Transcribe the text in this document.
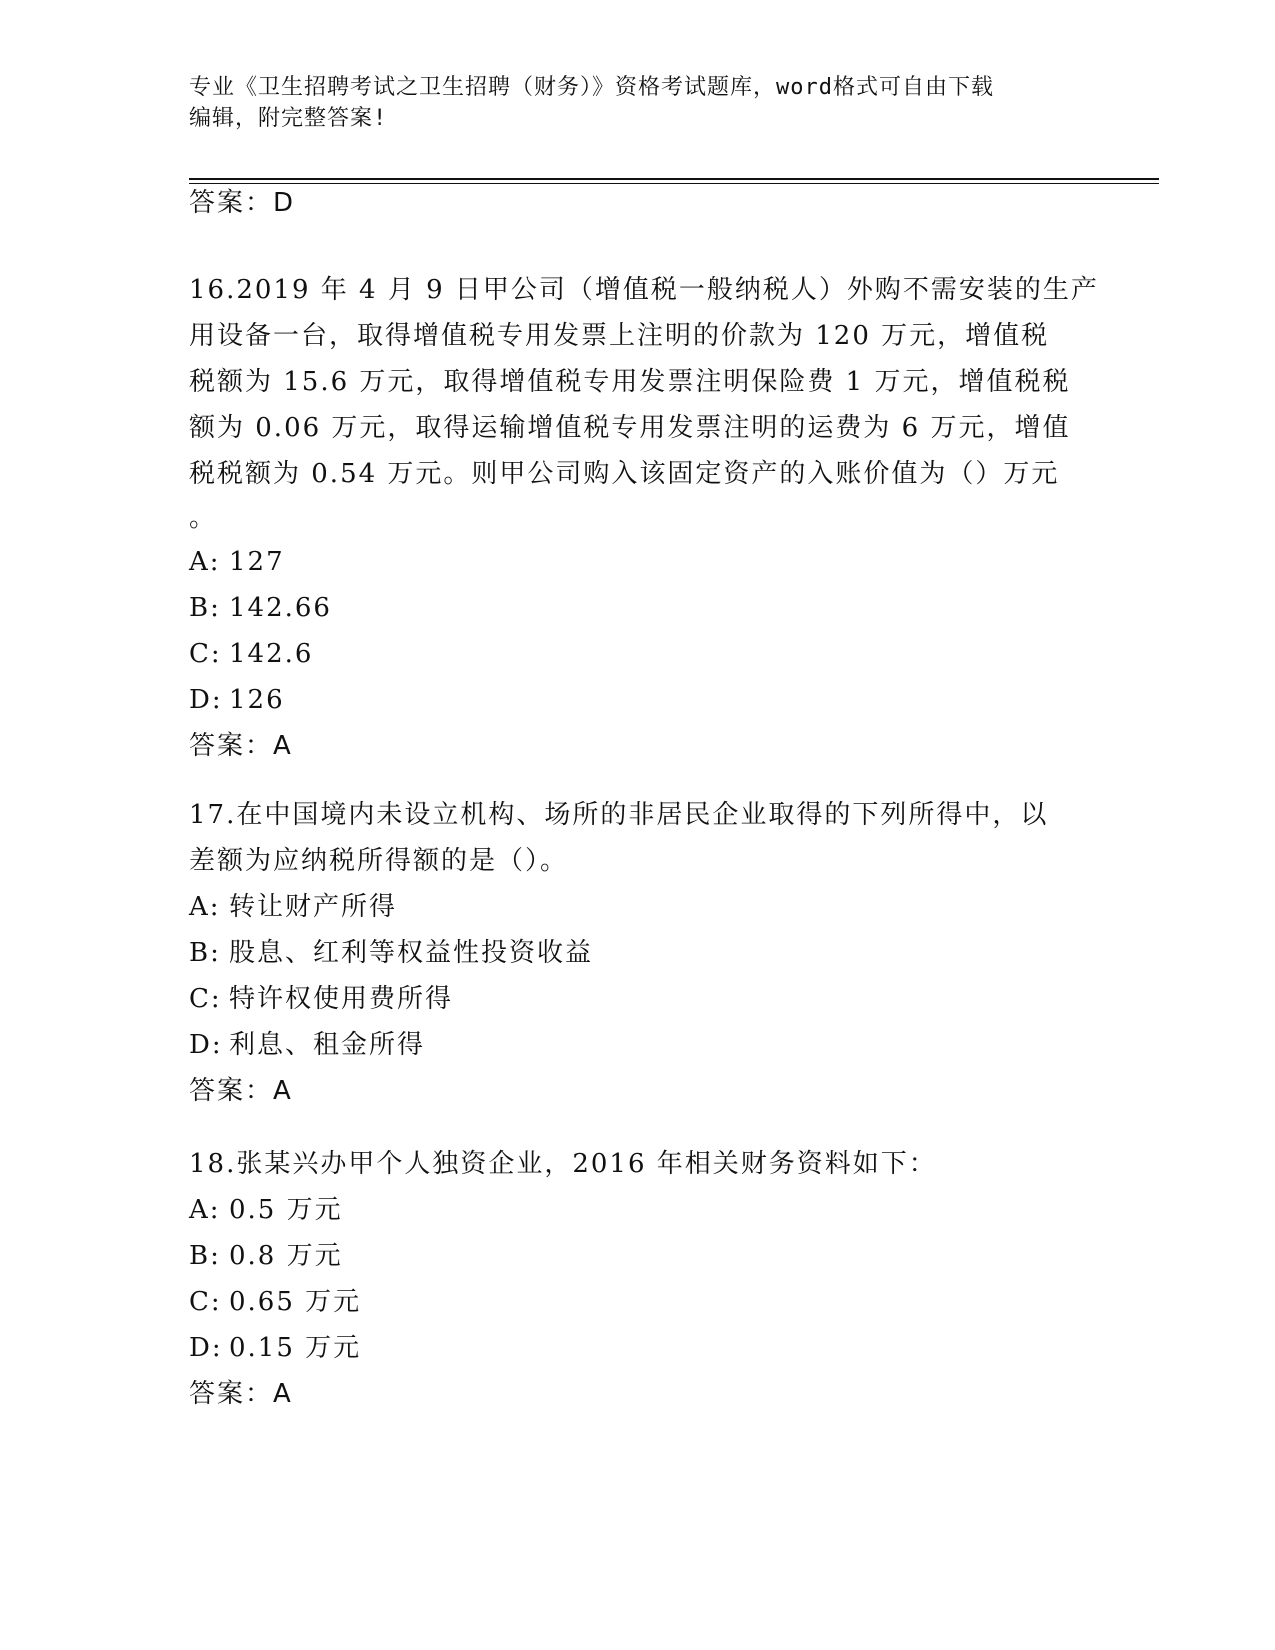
专业《卫生招聘考试之卫生招聘（财务）》资格考试题库，word格式可自由下载
编辑，附完整答案!
答案：D
16.2019 年 4 月 9 日甲公司（增值税一般纳税人）外购不需安装的生产
用设备一台，取得增值税专用发票上注明的价款为 120 万元，增值税
税额为 15.6 万元，取得增值税专用发票注明保险费 1 万元，增值税税
额为 0.06 万元，取得运输增值税专用发票注明的运费为 6 万元，增值
税税额为 0.54 万元。则甲公司购入该固定资产的入账价值为（）万元
。
A: 127
B: 142.66
C: 142.6
D: 126
答案：A
17.在中国境内未设立机构、场所的非居民企业取得的下列所得中，以
差额为应纳税所得额的是（）。
A: 转让财产所得
B: 股息、红利等权益性投资收益
C: 特许权使用费所得
D: 利息、租金所得
答案：A
18.张某兴办甲个人独资企业，2016 年相关财务资料如下：
A: 0.5 万元
B: 0.8 万元
C: 0.65 万元
D: 0.15 万元
答案：A
